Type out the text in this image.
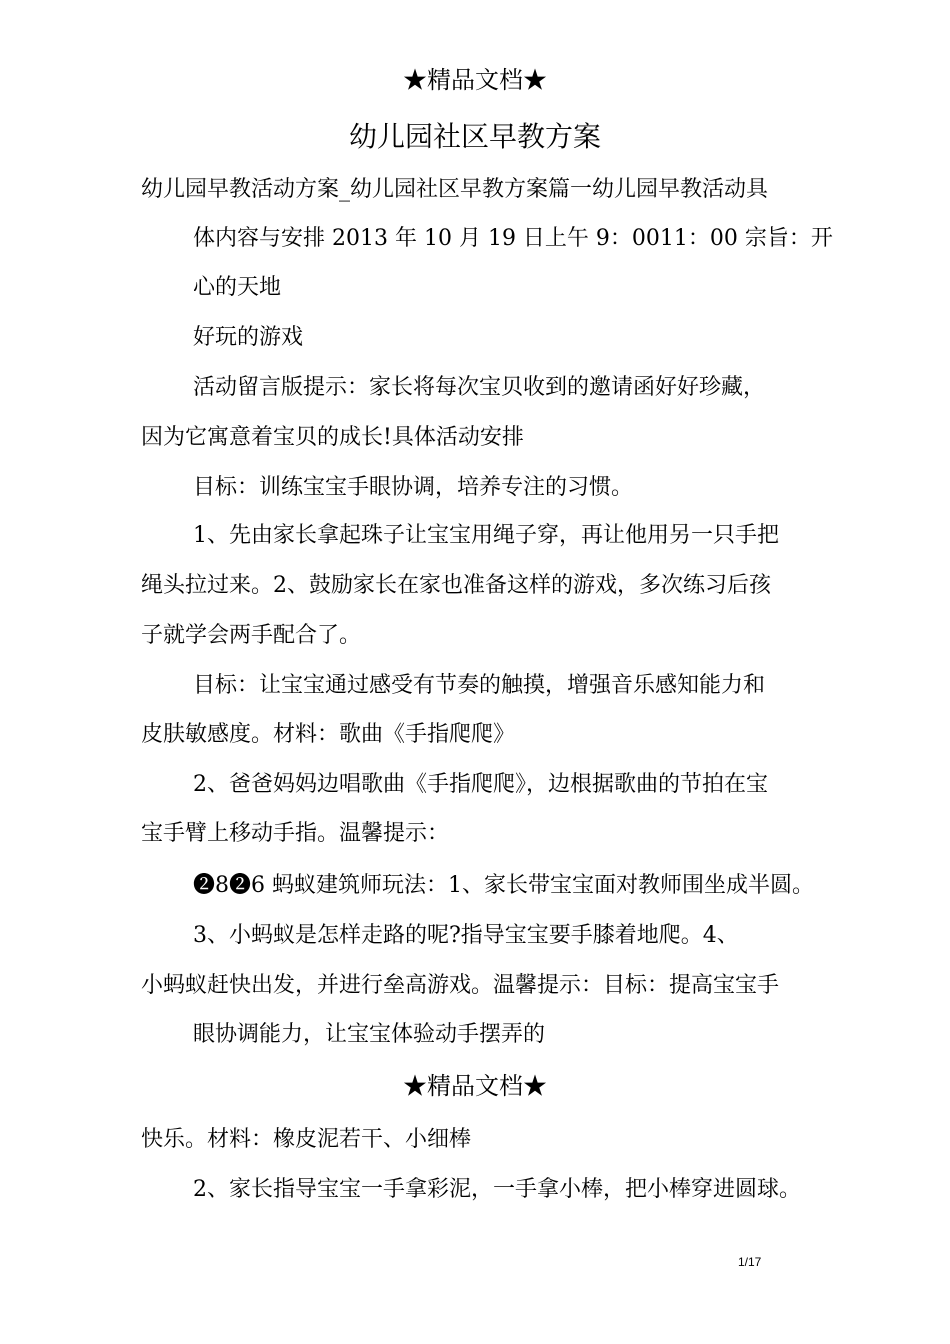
★精品文档★
幼儿园社区早教方案
幼儿园早教活动方案_幼儿园社区早教方案篇一幼儿园早教活动具
体内容与安排 2013 年 10 月 19 日上午 9：0011：00 宗旨：开
心的天地
好玩的游戏
活动留言版提示：家长将每次宝贝收到的邀请函好好珍藏，
因为它寓意着宝贝的成长!具体活动安排
目标：训练宝宝手眼协调，培养专注的习惯。
1、先由家长拿起珠子让宝宝用绳子穿，再让他用另一只手把
绳头拉过来。2、鼓励家长在家也准备这样的游戏，多次练习后孩
子就学会两手配合了。
目标：让宝宝通过感受有节奏的触摸，增强音乐感知能力和
皮肤敏感度。材料：歌曲《手指爬爬》
2、爸爸妈妈边唱歌曲《手指爬爬》，边根据歌曲的节拍在宝
宝手臂上移动手指。温馨提示：
❷8❷6 蚂蚁建筑师玩法：1、家长带宝宝面对教师围坐成半圆。
3、小蚂蚁是怎样走路的呢?指导宝宝要手膝着地爬。4、
小蚂蚁赶快出发，并进行垒高游戏。温馨提示：目标：提高宝宝手
眼协调能力，让宝宝体验动手摆弄的
★精品文档★
快乐。材料：橡皮泥若干、小细棒
2、家长指导宝宝一手拿彩泥，一手拿小棒，把小棒穿进圆球。
1/17
